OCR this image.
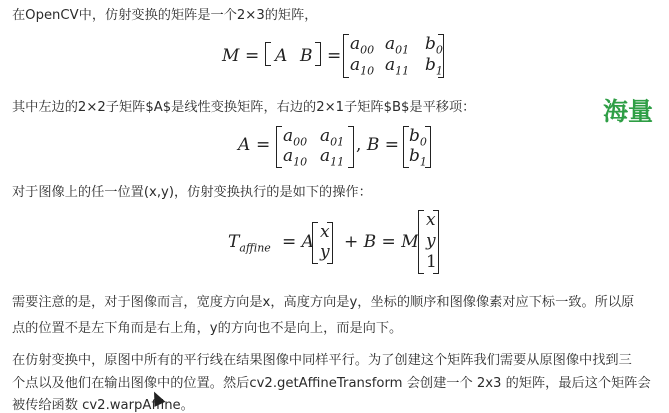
在OpenCV中，仿射变换的矩阵是一个2×3的矩阵，
M = A B =
$a_{00}$ $a_{01}$ $b_0$
$a_{10}$ $a_{11}$ $b_1$
其中左边的2×2子矩阵$A$是线性变换矩阵，右边的2×1子矩阵$B$是平移项：
$A = a_{00}$ $a_{01}$
$a_{10}$ $a_{11}$
, $B = b_0$
$b_1$
对于图像上的任一位置(x,y)，仿射变换执行的是如下的操作：
$T_{affine} = A$ x
y + B = M
x
y
1
需要注意的是，对于图像而言，宽度方向是x，高度方向是y，坐标的顺序和图像像素对应下标一致。所以原
点的位置不是左下角而是右上角，y的方向也不是向上，而是向下。
在仿射变换中，原图中所有的平行线在结果图像中同样平行。为了创建这个矩阵我们需要从原图像中找到三
个点以及他们在输出图像中的位置。然后cv2.getAffineTransform 会创建一个 2x3 的矩阵，最后这个矩阵会
被传给函数 cv2.warpAffine。
海量
